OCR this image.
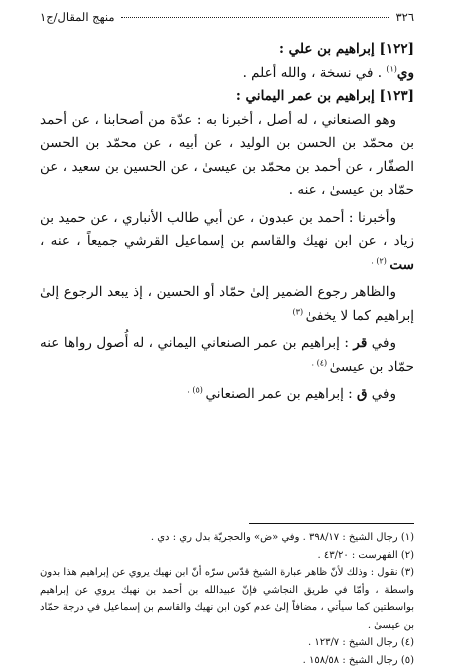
٣٢٦
منهج المقال/ج١

[١٢٢] إبراهيم بن علي :

وي$^{(١)}$ . في نسخة ، والله أعلم .

[١٢٣] إبراهيم بن عمر اليماني :

وهو الصنعاني ، له أصل ، أخبرنا به : عدّة من أصحابنا ، عن أحمد بن محمّد بن الحسن بن الوليد ، عن أبيه ، عن محمّد بن الحسن الصفّار ، عن أحمد بن محمّد بن عيسىٰ ، عن الحسين بن سعيد ، عن حمّاد بن عيسىٰ ، عنه .

وأخبرنا : أحمد بن عبدون ، عن أبي طالب الأنباري ، عن حميد بن زياد ، عن ابن نهيك والقاسم بن إسماعيل القرشي جميعاً ، عنه ، ست $^{(٢) .}$

والظاهر رجوع الضمير إلىٰ حمّاد أو الحسين ، إذ يبعد الرجوع إلىٰ إبراهيم كما لا يخفىٰ $^{(٣)}$

وفي قر : إبراهيم بن عمر الصنعاني اليماني ، له أُصول رواها عنه حمّاد بن عيسىٰ $^{(٤) .}$

وفي ق : إبراهيم بن عمر الصنعاني $^{(٥) .}$

(١) رجال الشيخ : ٣٩٨/١٧ . وفي «ض» والحجريّة بدل ري : دي .

(٢) الفهرست : ٤٣/٢٠ .

(٣) نقول : وذلك لأنّ ظاهر عبارة الشيخ قدّس سرّه أنّ ابن نهيك يروي عن إبراهيم هذا بدون واسطة ، وأمّا في طريق النجاشي فإنّ عبيدالله بن أحمد بن نهيك يروي عن إبراهيم بواسطتين كما سيأتي ، مضافاً إلىٰ عدم كون ابن نهيك والقاسم بن إسماعيل في درجة حمّاد بن عيسىٰ .

(٤) رجال الشيخ : ١٢٣/٧ .

(٥) رجال الشيخ : ١٥٨/٥٨ .
